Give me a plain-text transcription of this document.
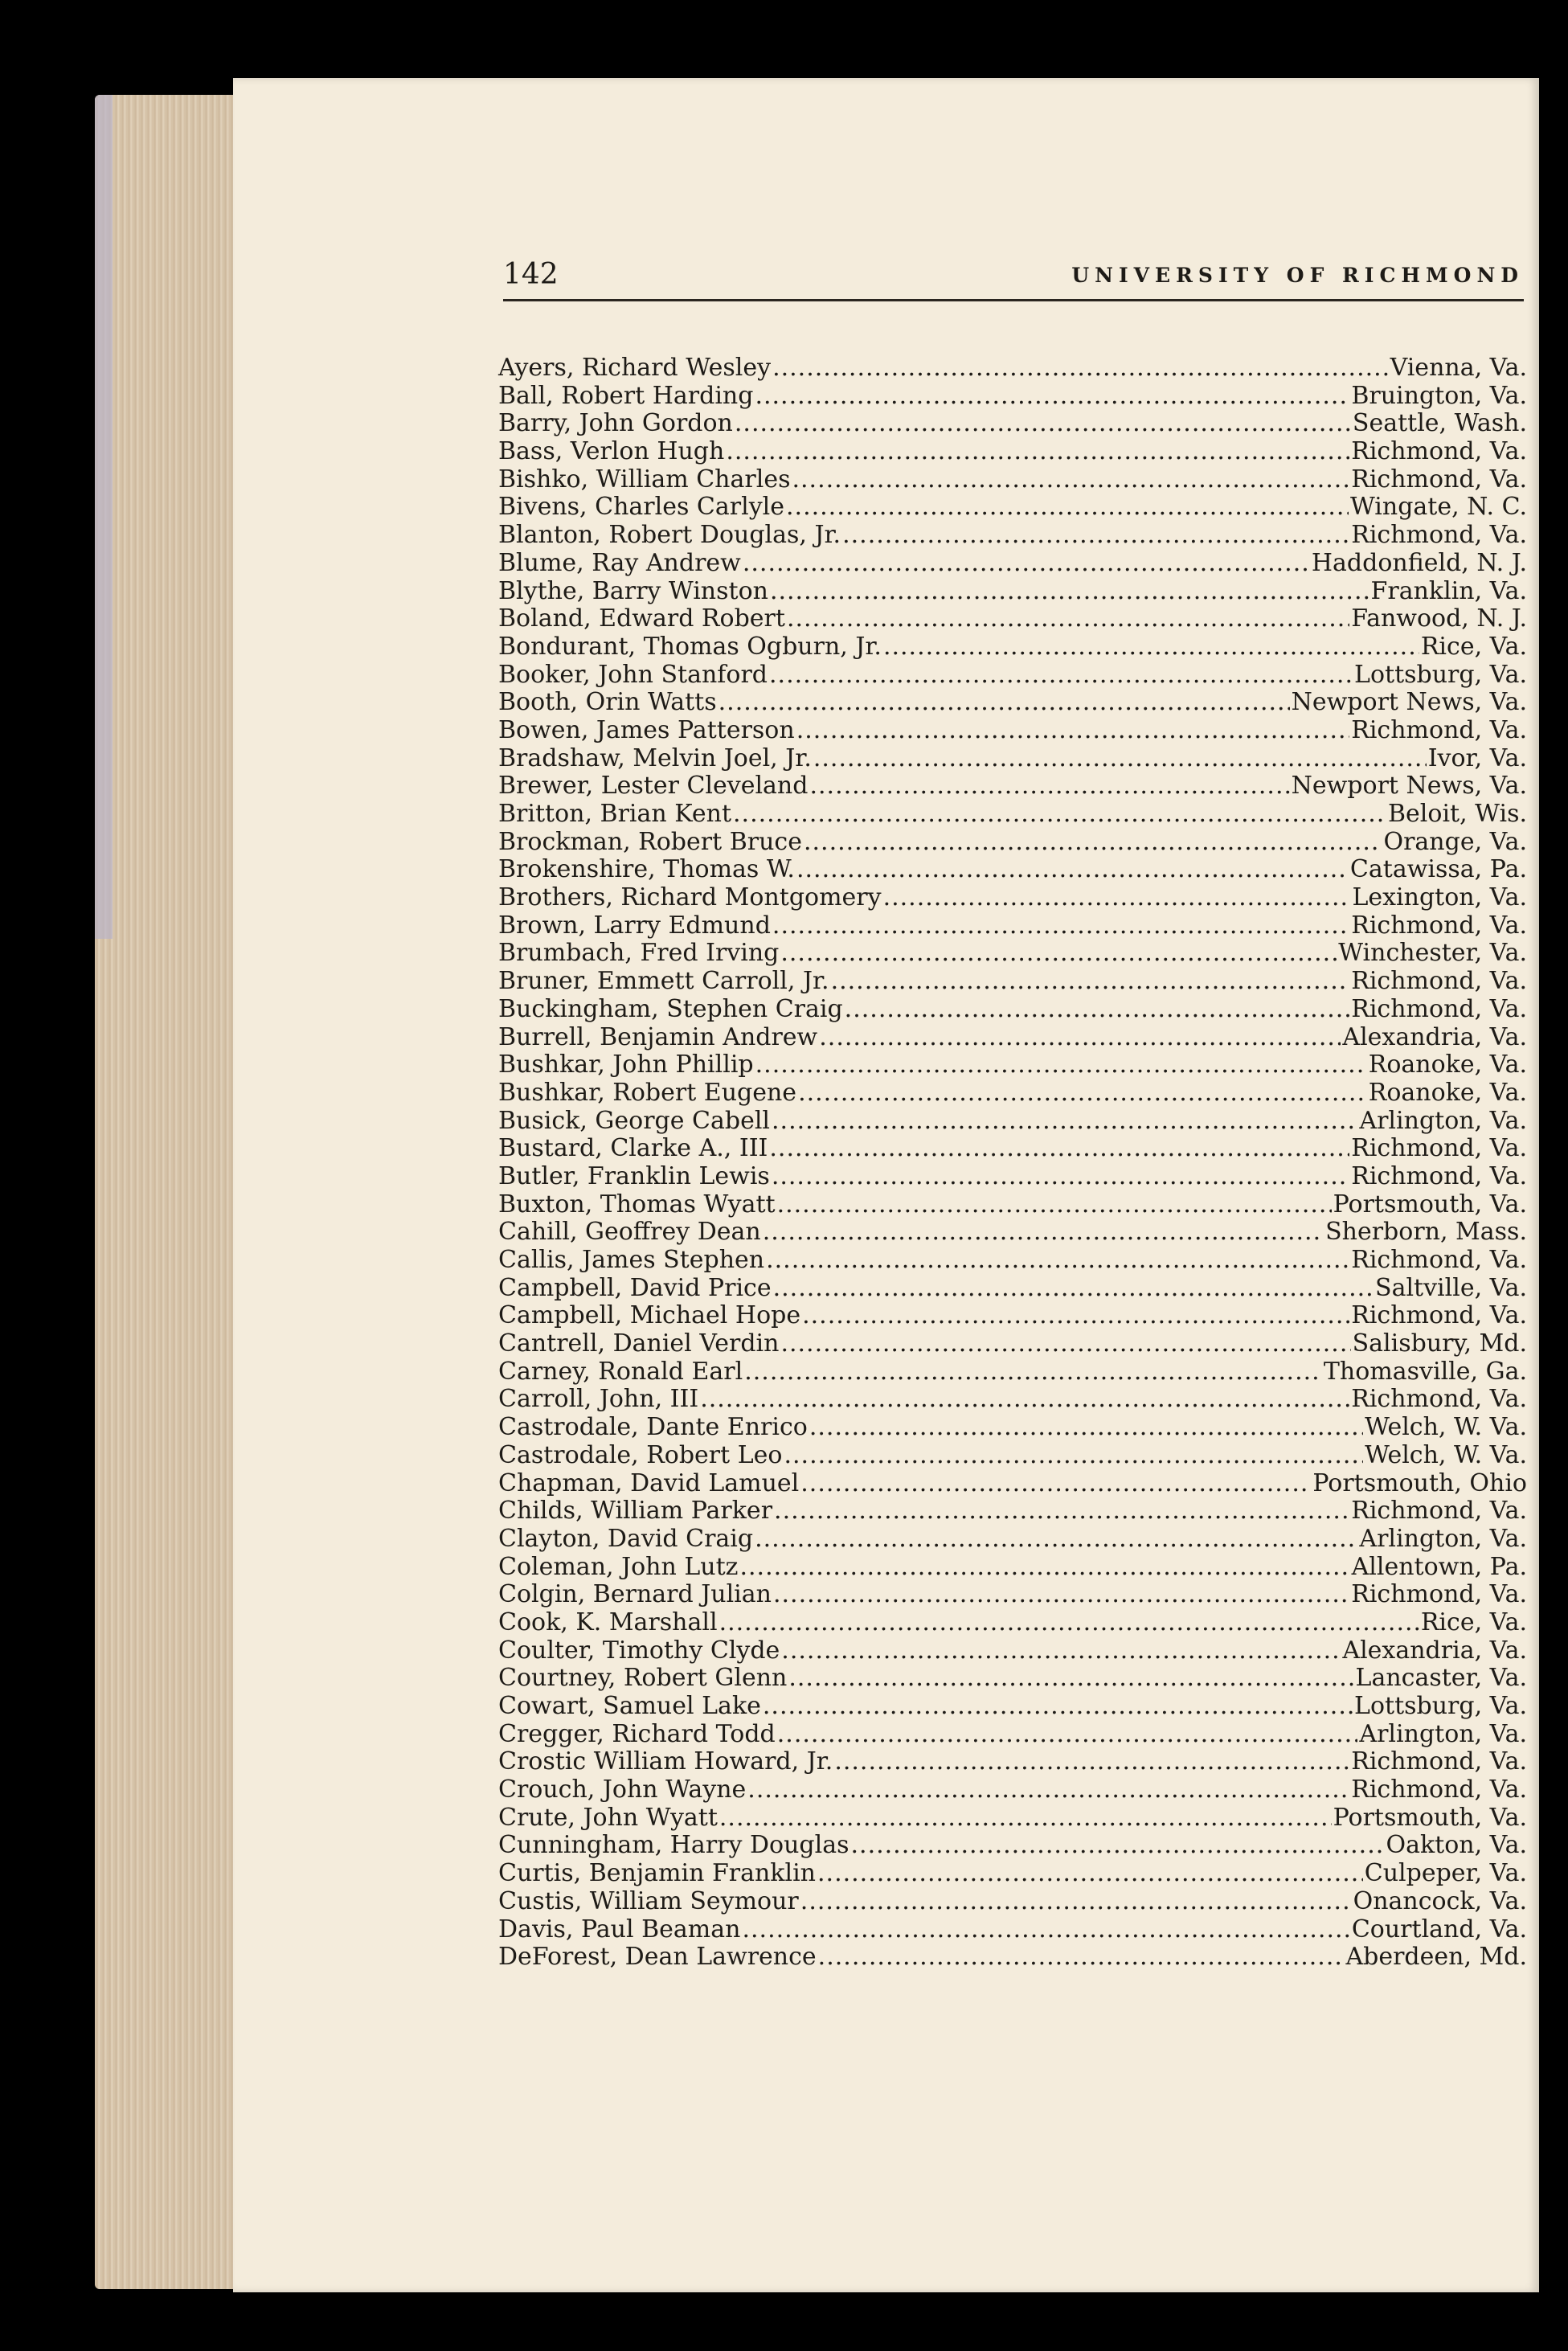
142	UNIVERSITY OF RICHMOND
Ayers, Richard Wesley .....	Vienna, Va.
Ball, Robert Harding .....	Bruington, Va.
Barry, John Gordon .....	Seattle, Wash.
Bass, Verlon Hugh .....	Richmond, Va.
Bishko, William Charles .....	Richmond, Va.
Bivens, Charles Carlyle .....	Wingate, N. C.
Blanton, Robert Douglas, Jr. .....	Richmond, Va.
Blume, Ray Andrew .....	Haddonfield, N. J.
Blythe, Barry Winston .....	Franklin, Va.
Boland, Edward Robert .....	Fanwood, N. J.
Bondurant, Thomas Ogburn, Jr. .....	Rice, Va.
Booker, John Stanford .....	Lottsburg, Va.
Booth, Orin Watts .....	Newport News, Va.
Bowen, James Patterson .....	Richmond, Va.
Bradshaw, Melvin Joel, Jr. .....	Ivor, Va.
Brewer, Lester Cleveland .....	Newport News, Va.
Britton, Brian Kent .....	Beloit, Wis.
Brockman, Robert Bruce .....	Orange, Va.
Brokenshire, Thomas W. .....	Catawissa, Pa.
Brothers, Richard Montgomery .....	Lexington, Va.
Brown, Larry Edmund .....	Richmond, Va.
Brumbach, Fred Irving .....	Winchester, Va.
Bruner, Emmett Carroll, Jr. .....	Richmond, Va.
Buckingham, Stephen Craig .....	Richmond, Va.
Burrell, Benjamin Andrew .....	Alexandria, Va.
Bushkar, John Phillip .....	Roanoke, Va.
Bushkar, Robert Eugene .....	Roanoke, Va.
Busick, George Cabell .....	Arlington, Va.
Bustard, Clarke A., III .....	Richmond, Va.
Butler, Franklin Lewis .....	Richmond, Va.
Buxton, Thomas Wyatt .....	Portsmouth, Va.
Cahill, Geoffrey Dean .....	Sherborn, Mass.
Callis, James Stephen .....	Richmond, Va.
Campbell, David Price .....	Saltville, Va.
Campbell, Michael Hope .....	Richmond, Va.
Cantrell, Daniel Verdin .....	Salisbury, Md.
Carney, Ronald Earl .....	Thomasville, Ga.
Carroll, John, III .....	Richmond, Va.
Castrodale, Dante Enrico .....	Welch, W. Va.
Castrodale, Robert Leo .....	Welch, W. Va.
Chapman, David Lamuel .....	Portsmouth, Ohio
Childs, William Parker .....	Richmond, Va.
Clayton, David Craig .....	Arlington, Va.
Coleman, John Lutz .....	Allentown, Pa.
Colgin, Bernard Julian .....	Richmond, Va.
Cook, K. Marshall .....	Rice, Va.
Coulter, Timothy Clyde .....	Alexandria, Va.
Courtney, Robert Glenn .....	Lancaster, Va.
Cowart, Samuel Lake .....	Lottsburg, Va.
Cregger, Richard Todd .....	Arlington, Va.
Crostic William Howard, Jr. .....	Richmond, Va.
Crouch, John Wayne .....	Richmond, Va.
Crute, John Wyatt .....	Portsmouth, Va.
Cunningham, Harry Douglas .....	Oakton, Va.
Curtis, Benjamin Franklin .....	Culpeper, Va.
Custis, William Seymour .....	Onancock, Va.
Davis, Paul Beaman .....	Courtland, Va.
DeForest, Dean Lawrence .....	Aberdeen, Md.
